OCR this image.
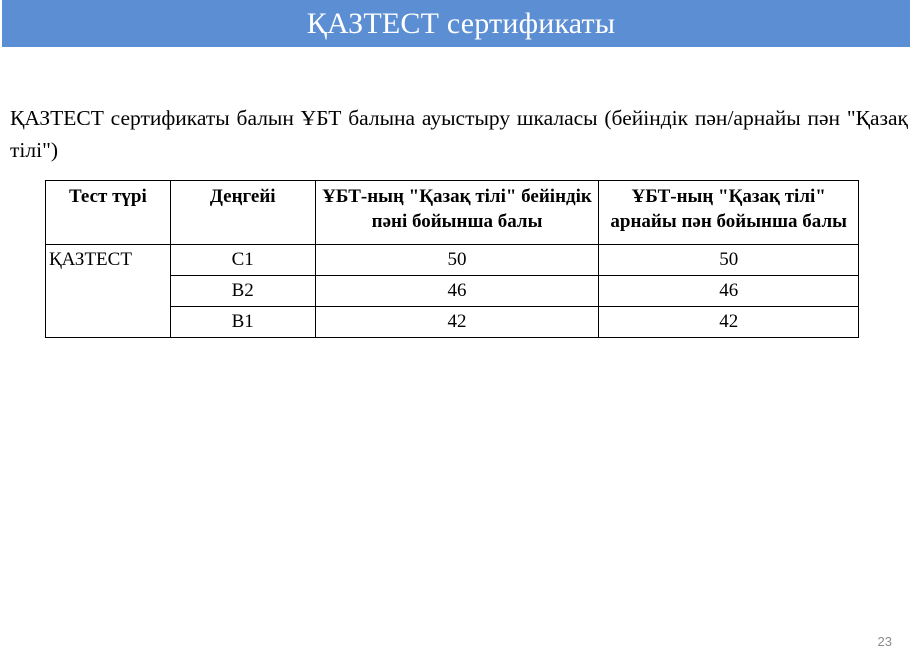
ҚАЗТЕСТ сертификаты

ҚАЗТЕСТ сертификаты балын ҰБТ балына ауыстыру шкаласы (бейіндік пән/арнайы пән "Қазақ тілі")

Тест түрі	Деңгейі	ҰБТ-ның "Қазақ тілі" бейіндік пәні бойынша балы	ҰБТ-ның "Қазақ тілі" арнайы пән бойынша балы
ҚАЗТЕСТ	С1	50	50
	В2	46	46
	В1	42	42
23
